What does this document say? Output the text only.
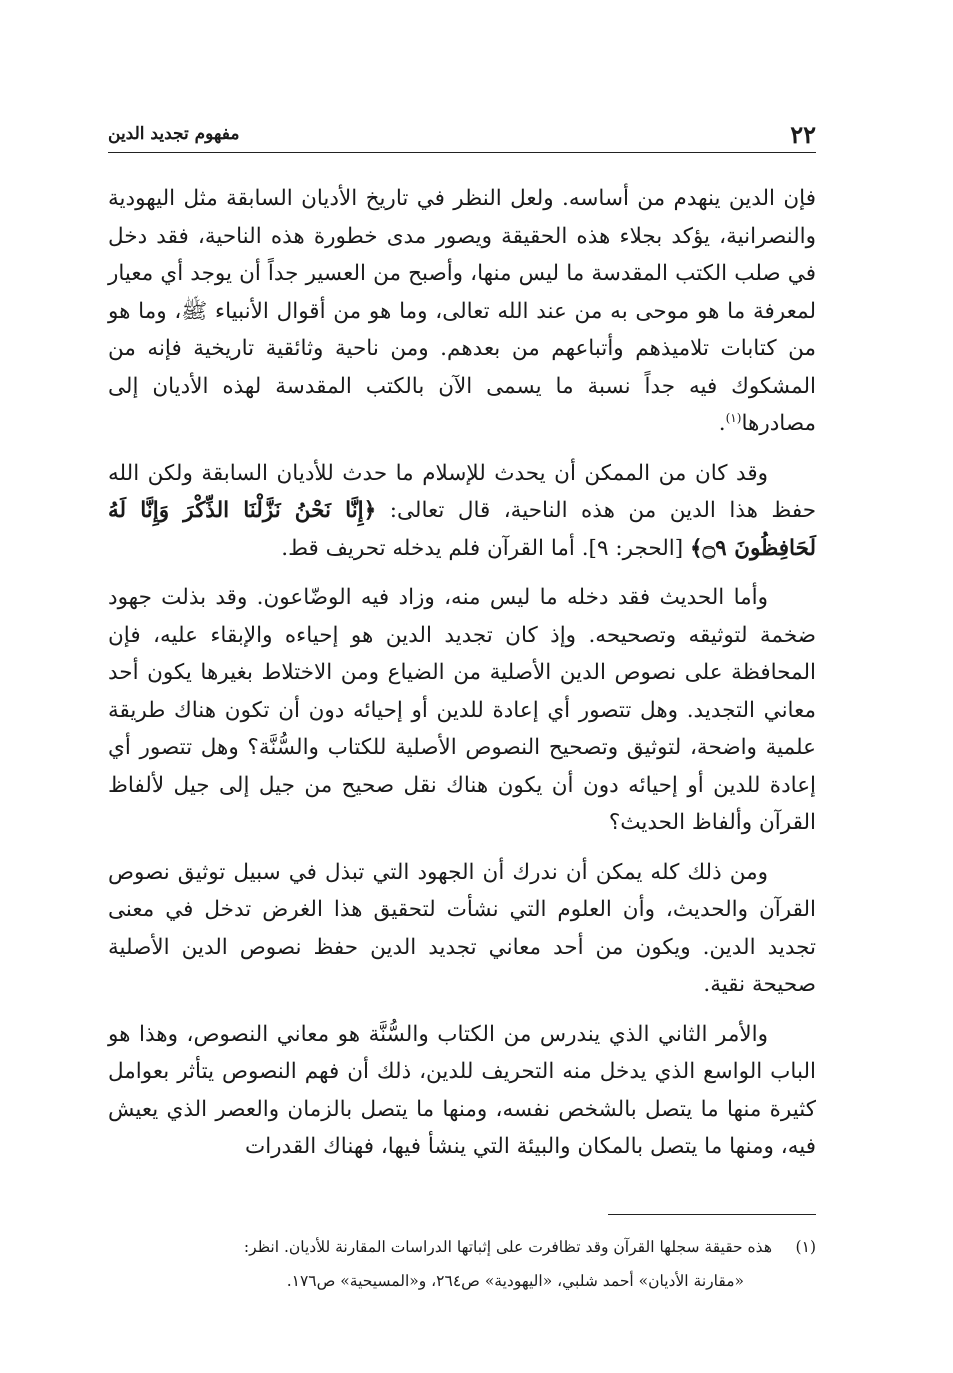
٢٢
مفهوم تجديد الدين

فإن الدين ينهدم من أساسه. ولعل النظر في تاريخ الأديان السابقة مثل اليهودية والنصرانية، يؤكد بجلاء هذه الحقيقة ويصور مدى خطورة هذه الناحية، فقد دخل في صلب الكتب المقدسة ما ليس منها، وأصبح من العسير جداً أن يوجد أي معيار لمعرفة ما هو موحى به من عند الله تعالى، وما هو من أقوال الأنبياء ﷺ، وما هو من كتابات تلاميذهم وأتباعهم من بعدهم. ومن ناحية وثائقية تاريخية فإنه من المشكوك فيه جداً نسبة ما يسمى الآن بالكتب المقدسة لهذه الأديان إلى مصادرها$^{(١)}$.

وقد كان من الممكن أن يحدث للإسلام ما حدث للأديان السابقة ولكن الله حفظ هذا الدين من هذه الناحية، قال تعالى: ﴿إِنَّا نَحْنُ نَزَّلْنَا الذِّكْرَ وَإِنَّا لَهُ لَحَافِظُونَ ۝٩﴾ [الحجر: ٩]. أما القرآن فلم يدخله تحريف قط.

وأما الحديث فقد دخله ما ليس منه، وزاد فيه الوضّاعون. وقد بذلت جهود ضخمة لتوثيقه وتصحيحه. وإذ كان تجديد الدين هو إحياءه والإبقاء عليه، فإن المحافظة على نصوص الدين الأصلية من الضياع ومن الاختلاط بغيرها يكون أحد معاني التجديد. وهل تتصور أي إعادة للدين أو إحيائه دون أن تكون هناك طريقة علمية واضحة، لتوثيق وتصحيح النصوص الأصلية للكتاب والسُّنَّة؟ وهل تتصور أي إعادة للدين أو إحيائه دون أن يكون هناك نقل صحيح من جيل إلى جيل لألفاظ القرآن وألفاظ الحديث؟

ومن ذلك كله يمكن أن ندرك أن الجهود التي تبذل في سبيل توثيق نصوص القرآن والحديث، وأن العلوم التي نشأت لتحقيق هذا الغرض تدخل في معنى تجديد الدين. ويكون من أحد معاني تجديد الدين حفظ نصوص الدين الأصلية صحيحة نقية.

والأمر الثاني الذي يندرس من الكتاب والسُّنَّة هو معاني النصوص، وهذا هو الباب الواسع الذي يدخل منه التحريف للدين، ذلك أن فهم النصوص يتأثر بعوامل كثيرة منها ما يتصل بالشخص نفسه، ومنها ما يتصل بالزمان والعصر الذي يعيش فيه، ومنها ما يتصل بالمكان والبيئة التي ينشأ فيها، فهناك القدرات

(١)هذه حقيقة سجلها القرآن وقد تظافرت على إثباتها الدراسات المقارنة للأديان. انظر:
«مقارنة الأديان» أحمد شلبي، «اليهودية» ص٢٦٤، و«المسيحية» ص١٧٦.
